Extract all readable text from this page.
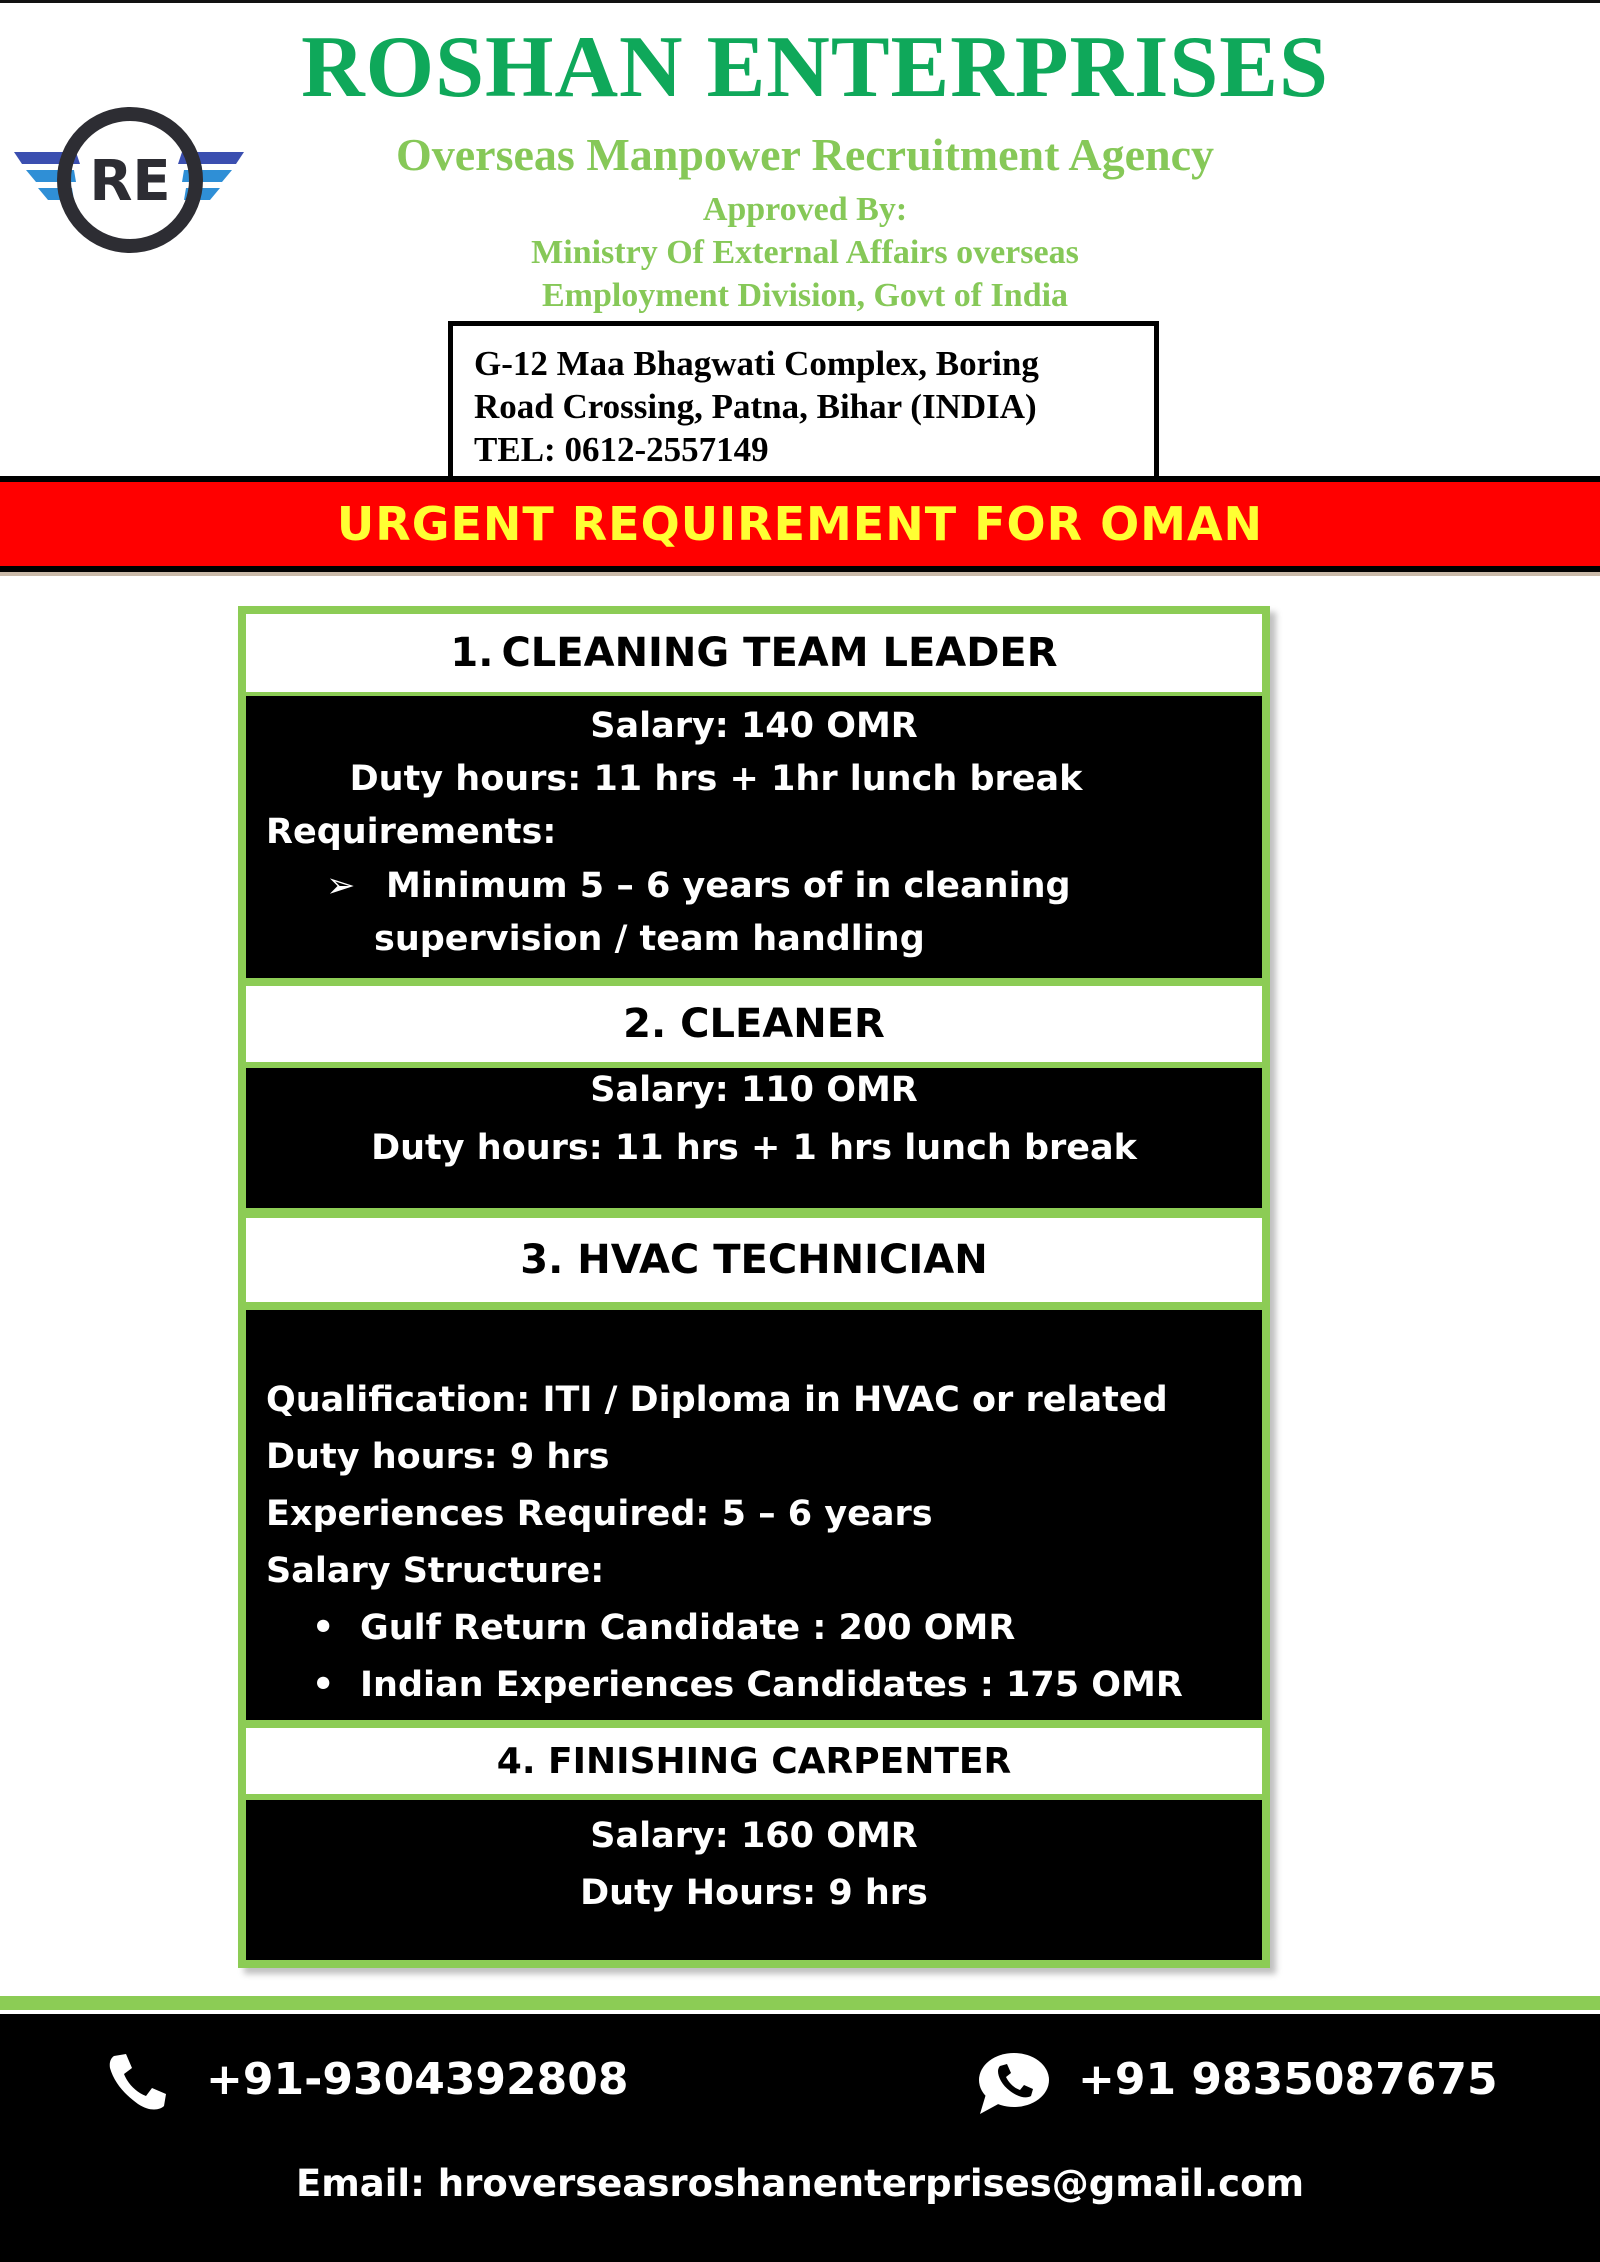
RE
ROSHAN ENTERPRISES
Overseas Manpower Recruitment Agency
Approved By:
Ministry Of External Affairs overseas
Employment Division, Govt of India
G-12 Maa Bhagwati Complex, Boring
Road Crossing, Patna, Bihar (INDIA)
TEL: 0612-2557149
URGENT REQUIREMENT FOR OMAN
1. CLEANING TEAM LEADER
Salary: 140 OMR
Duty hours: 11 hrs + 1hr lunch break
Requirements:
➢ Minimum 5 – 6 years of in cleaning
supervision / team handling
2. CLEANER
Salary: 110 OMR
Duty hours: 11 hrs + 1 hrs lunch break
3. HVAC TECHNICIAN
Qualification: ITI / Diploma in HVAC or related
Duty hours: 9 hrs
Experiences Required: 5 – 6 years
Salary Structure:
• Gulf Return Candidate : 200 OMR
• Indian Experiences Candidates : 175 OMR
4. FINISHING CARPENTER
Salary: 160 OMR
Duty Hours: 9 hrs
+91-9304392808	+91 9835087675
Email: hroverseasroshanenterprises@gmail.com
